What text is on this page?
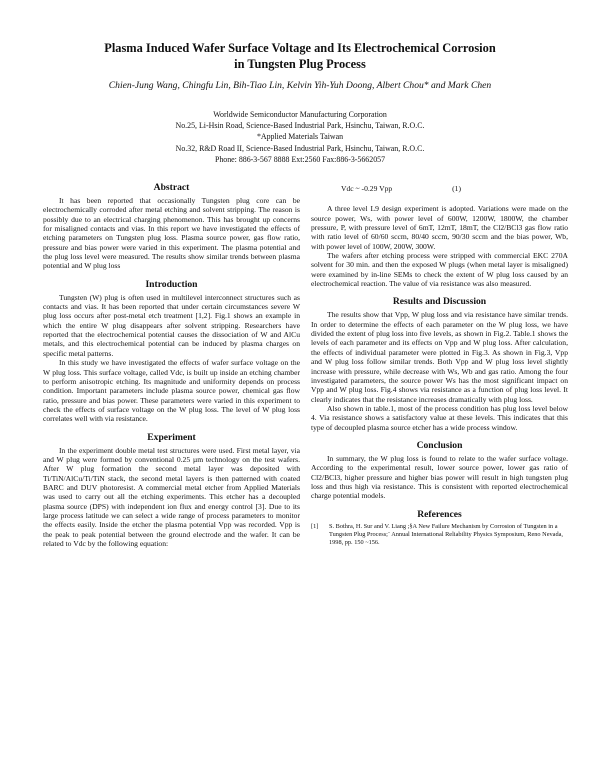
Plasma Induced Wafer Surface Voltage and Its Electrochemical Corrosion
in Tungsten Plug Process
Chien-Jung Wang, Chingfu Lin, Bih-Tiao Lin, Kelvin Yih-Yuh Doong, Albert Chou* and Mark Chen
Worldwide Semiconductor Manufacturing Corporation
No.25, Li-Hsin Road, Science-Based Industrial Park, Hsinchu, Taiwan, R.O.C.
*Applied Materials Taiwan
No.32, R&D Road II, Science-Based Industrial Park, Hsinchu, Taiwan, R.O.C.
Phone: 886-3-567 8888 Ext:2560 Fax:886-3-5662057
Abstract

It has been reported that occasionally Tungsten plug core can be electrochemically corroded after metal etching and solvent stripping. The reason is possibly due to an electrical charging phenomenon. This has brought up concerns for misaligned contacts and vias. In this report we have investigated the effects of etching parameters on Tungsten plug loss. Plasma source power, gas flow ratio, pressure and bias power were varied in this experiment. The plasma potential and the plug loss level were measured. The results show similar trends between plasma potential and W plug loss

Introduction

Tungsten (W) plug is often used in multilevel interconnect structures such as contacts and vias. It has been reported that under certain circumstances severe W plug loss occurs after post-metal etch treatment [1,2]. Fig.1 shows an example in which the entire W plug disappears after solvent stripping. Researchers have reported that the electrochemical potential causes the dissociation of W and AlCu metals, and this electrochemical potential can be induced by plasma charges on specific metal patterns.

In this study we have investigated the effects of wafer surface voltage on the W plug loss. This surface voltage, called Vdc, is built up inside an etching chamber to perform anisotropic etching. Its magnitude and uniformity depends on process condition. Important parameters include plasma source power, chemical gas flow ratio, pressure and bias power. These parameters were varied in this experiment to check the effects of surface voltage on the W plug loss. The level of W plug loss correlates well with via resistance.

Experiment

In the experiment double metal test structures were used. First metal layer, via and W plug were formed by conventional 0.25 µm technology on the test wafers. After W plug formation the second metal layer was deposited with Ti/TiN/AlCu/Ti/TiN stack, the second metal layers is then patterned with coated BARC and DUV photoresist. A commercial metal etcher from Applied Materials was used to carry out all the etching experiments. This etcher has a decoupled plasma source (DPS) with independent ion flux and energy control [3]. Due to its large process latitude we can select a wide range of process parameters to monitor the effects easily. Inside the etcher the plasma potential Vpp was recorded. Vpp is the peak to peak potential between the ground electrode and the wafer. It can be related to Vdc by the following equation:

Vdc ~ -0.29 Vpp	(1)

A three level L9 design experiment is adopted. Variations were made on the source power, Ws, with power level of 600W, 1200W, 1800W, the chamber pressure, P, with pressure level of 6mT, 12mT, 18mT, the Cl2/BCl3 gas flow ratio with ratio level of 60/60 sccm, 80/40 sccm, 90/30 sccm and the bias power, Wb, with power level of 100W, 200W, 300W.

The wafers after etching process were stripped with commercial EKC 270A solvent for 30 min. and then the exposed W plugs (when metal layer is misaligned) were examined by in-line SEMs to check the extent of W plug loss caused by an electrochemical reaction. The value of via resistance was also measured.

Results and Discussion

The results show that Vpp, W plug loss and via resistance have similar trends. In order to determine the effects of each parameter on the W plug loss, we have divided the extent of plug loss into five levels, as shown in Fig.2. Table.1 shows the levels of each parameter and its effects on Vpp and W plug loss. After calculation, the effects of individual parameter were plotted in Fig.3. As shown in Fig.3, Vpp and W plug loss follow similar trends. Both Vpp and W plug loss level slightly increase with pressure, while decrease with Ws, Wb and gas ratio. Among the four investigated parameters, the source power Ws has the most significant impact on Vpp and W plug loss. Fig.4 shows via resistance as a function of plug loss level. It clearly indicates that the resistance increases dramatically with plug loss.

Also shown in table.1, most of the process condition has plug loss level below 4. Via resistance shows a satisfactory value at these levels. This indicates that this type of decoupled plasma source etcher has a wide process window.

Conclusion

In summary, the W plug loss is found to relate to the wafer surface voltage. According to the experimental result, lower source power, lower gas ratio of Cl2/BCl3, higher pressure and higher bias power will result in high tungsten plug loss and thus high via resistance. This is consistent with reported electrochemical charge potential models.

References
[1]	S. Bothra, H. Sur and V. Liang ;§A New Failure Mechanism by Corrosion of Tungsten in a Tungsten Plug Process;¨ Annual International Reliability Physics Symposium, Reno Nevada, 1998, pp. 150 ~156.
